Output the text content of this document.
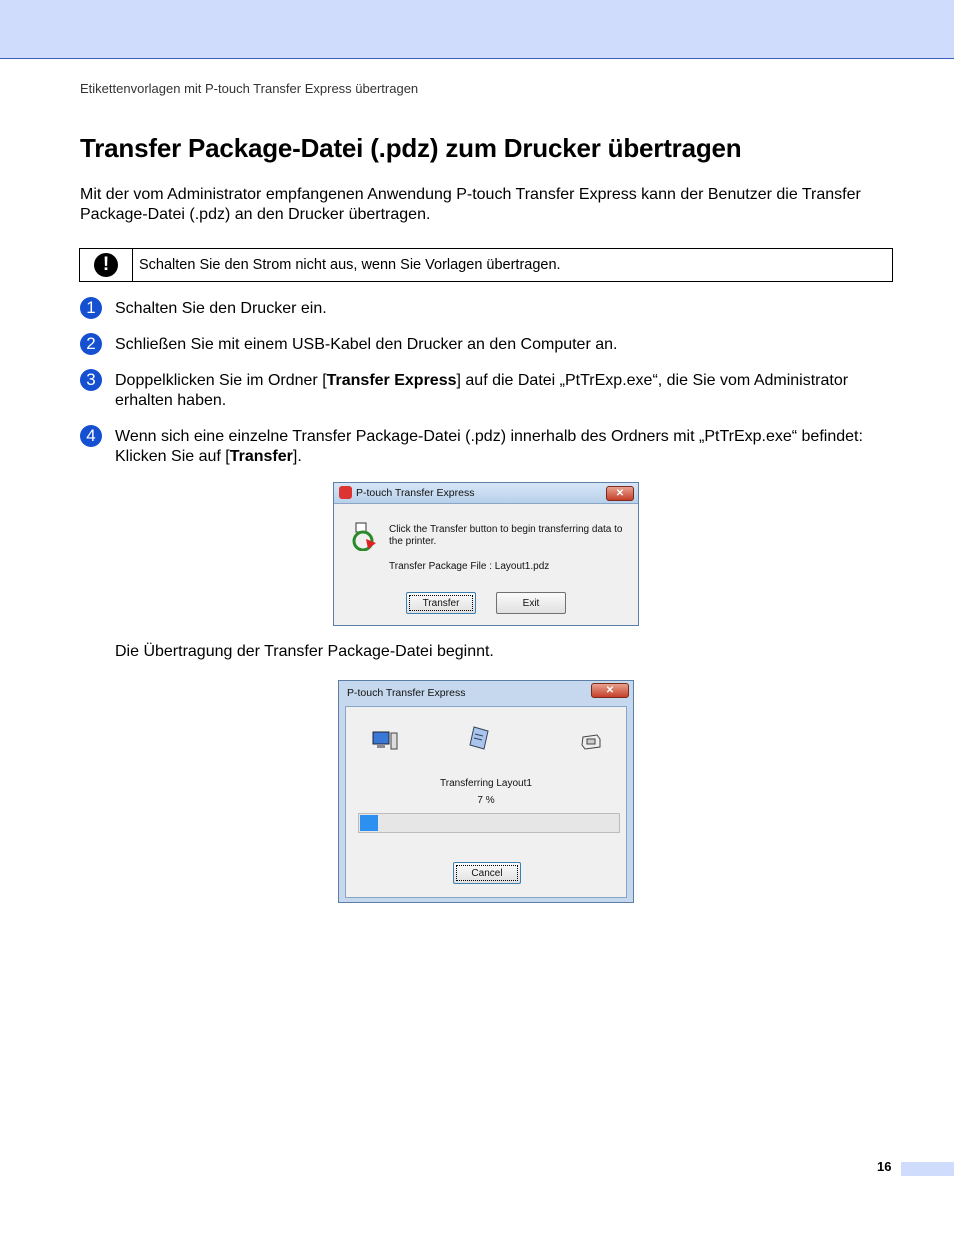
Etikettenvorlagen mit P-touch Transfer Express übertragen
Transfer Package-Datei (.pdz) zum Drucker übertragen

Mit der vom Administrator empfangenen Anwendung P-touch Transfer Express kann der Benutzer die Transfer Package-Datei (.pdz) an den Drucker übertragen.

!	Schalten Sie den Strom nicht aus, wenn Sie Vorlagen übertragen.
1	Schalten Sie den Drucker ein.
2	Schließen Sie mit einem USB-Kabel den Drucker an den Computer an.
3	Doppelklicken Sie im Ordner [Transfer Express] auf die Datei „PtTrExp.exe“, die Sie vom Administrator erhalten haben.
4	Wenn sich eine einzelne Transfer Package-Datei (.pdz) innerhalb des Ordners mit „PtTrExp.exe“ befindet: Klicken Sie auf [Transfer].
P-touch Transfer Express	✕
Click the Transfer button to begin transferring data to the printer.
Transfer Package File : Layout1.pdz
Transfer	Exit
Die Übertragung der Transfer Package-Datei beginnt.
P-touch Transfer Express	✕
Transferring Layout1
7 %
Cancel
16
